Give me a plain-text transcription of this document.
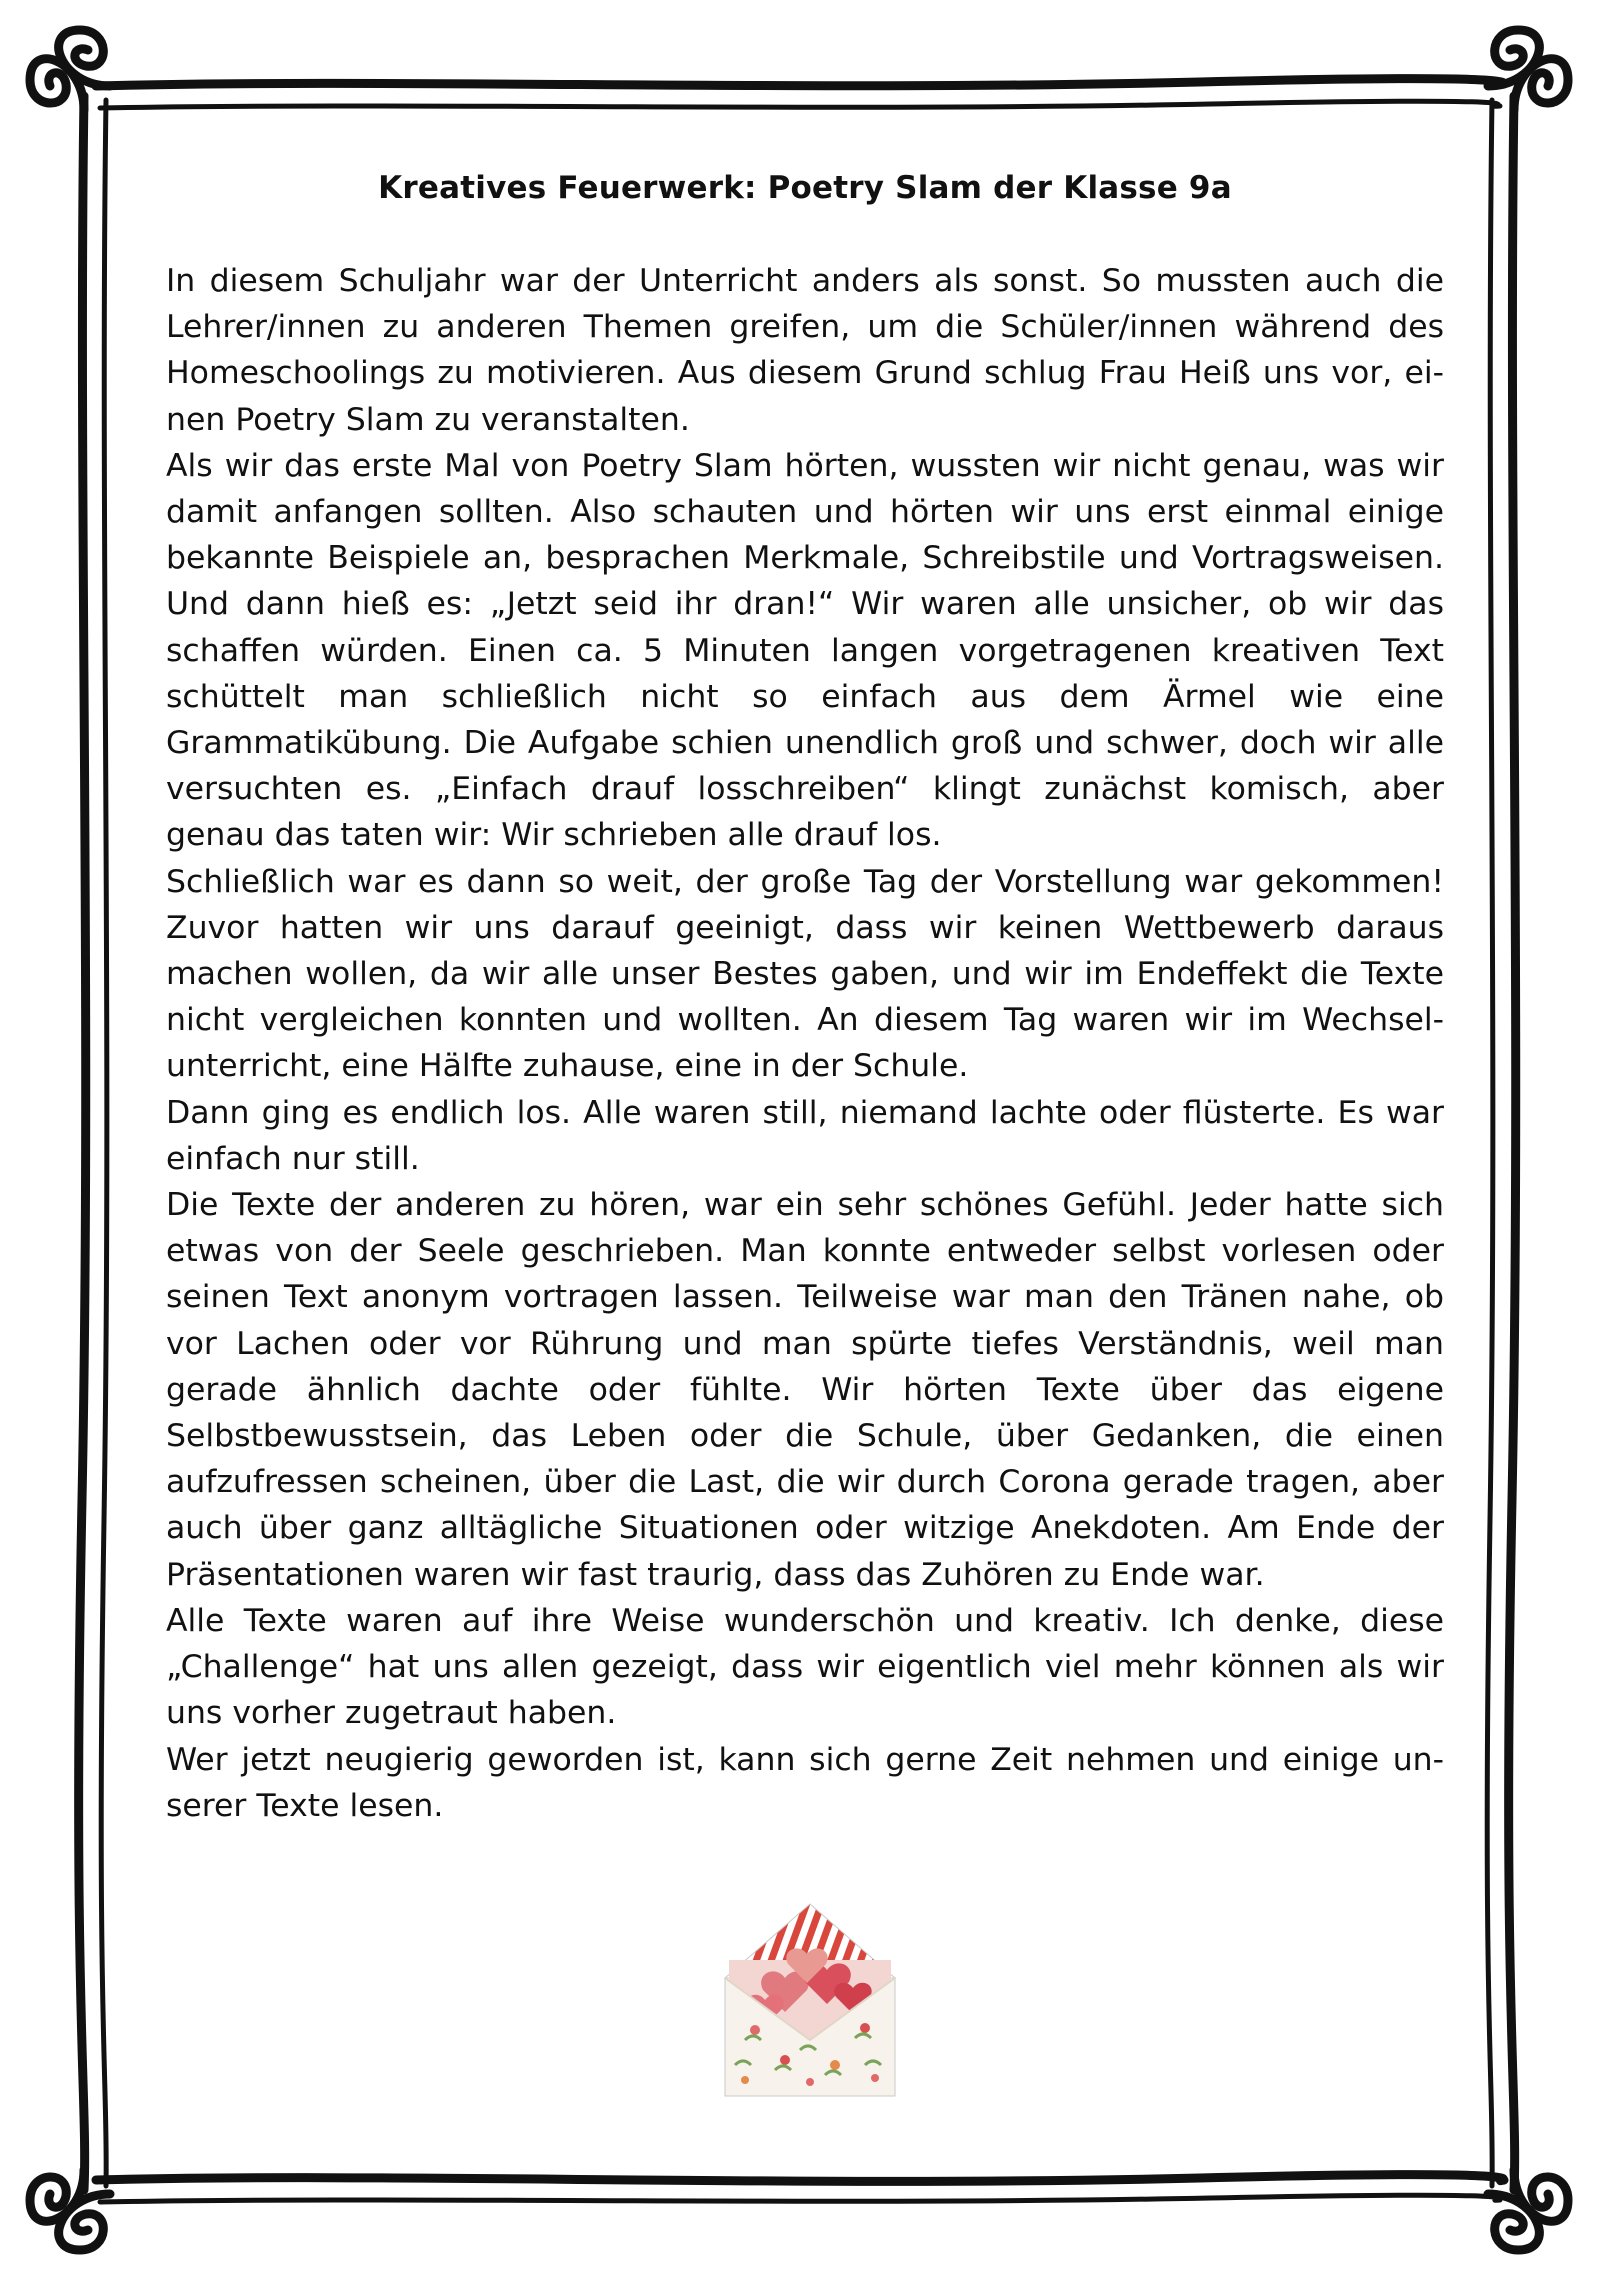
Kreatives Feuerwerk: Poetry Slam der Klasse 9a

In diesem Schuljahr war der Unterricht anders als sonst. So mussten auch die Lehrer/innen zu anderen Themen greifen, um die Schüler/innen während des Homeschoolings zu motivieren. Aus diesem Grund schlug Frau Heiß uns vor, einen Poetry Slam zu veranstalten.

Als wir das erste Mal von Poetry Slam hörten, wussten wir nicht genau, was wir damit anfangen sollten. Also schauten und hörten wir uns erst einmal einige bekannte Beispiele an, besprachen Merkmale, Schreibstile und Vortragsweisen. Und dann hieß es: „Jetzt seid ihr dran!“ Wir waren alle unsicher, ob wir das schaffen würden. Einen ca. 5 Minuten langen vorgetragenen kreativen Text schüttelt man schließlich nicht so einfach aus dem Ärmel wie eine Grammatikübung. Die Aufgabe schien unendlich groß und schwer, doch wir alle versuchten es. „Einfach drauf losschreiben“ klingt zunächst komisch, aber genau das taten wir: Wir schrieben alle drauf los.

Schließlich war es dann so weit, der große Tag der Vorstellung war gekommen! Zuvor hatten wir uns darauf geeinigt, dass wir keinen Wettbewerb daraus machen wollen, da wir alle unser Bestes gaben, und wir im Endeffekt die Texte nicht vergleichen konnten und wollten. An diesem Tag waren wir im Wechselunterricht, eine Hälfte zuhause, eine in der Schule.

Dann ging es endlich los. Alle waren still, niemand lachte oder flüsterte. Es war einfach nur still.

Die Texte der anderen zu hören, war ein sehr schönes Gefühl. Jeder hatte sich etwas von der Seele geschrieben. Man konnte entweder selbst vorlesen oder seinen Text anonym vortragen lassen. Teilweise war man den Tränen nahe, ob vor Lachen oder vor Rührung und man spürte tiefes Verständnis, weil man gerade ähnlich dachte oder fühlte. Wir hörten Texte über das eigene Selbstbewusstsein, das Leben oder die Schule, über Gedanken, die einen aufzufressen scheinen, über die Last, die wir durch Corona gerade tragen, aber auch über ganz alltägliche Situationen oder witzige Anekdoten. Am Ende der Präsentationen waren wir fast traurig, dass das Zuhören zu Ende war.

Alle Texte waren auf ihre Weise wunderschön und kreativ. Ich denke, diese „Challenge“ hat uns allen gezeigt, dass wir eigentlich viel mehr können als wir uns vorher zugetraut haben.

Wer jetzt neugierig geworden ist, kann sich gerne Zeit nehmen und einige unserer Texte lesen.
